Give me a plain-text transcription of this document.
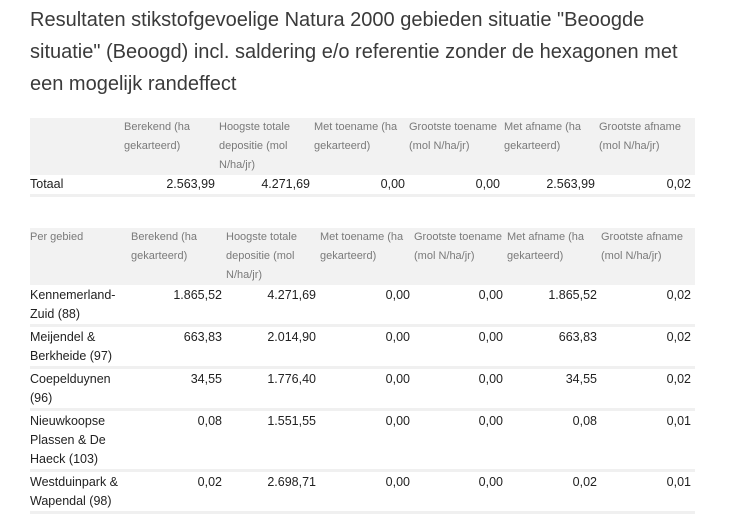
Resultaten stikstofgevoelige Natura 2000 gebieden situatie "Beoogde situatie" (Beoogd) incl. saldering e/o referentie zonder de hexagonen met een mogelijk randeffect
	Berekend (ha gekarteerd)	Hoogste totale depositie (mol N/ha/jr)	Met toename (ha gekarteerd)	Grootste toename (mol N/ha/jr)	Met afname (ha gekarteerd)	Grootste afname (mol N/ha/jr)
Totaal	2.563,99	4.271,69	0,00	0,00	2.563,99	0,02
Per gebied	Berekend (ha gekarteerd)	Hoogste totale depositie (mol N/ha/jr)	Met toename (ha gekarteerd)	Grootste toename (mol N/ha/jr)	Met afname (ha gekarteerd)	Grootste afname (mol N/ha/jr)
Kennemerland-Zuid (88)	1.865,52	4.271,69	0,00	0,00	1.865,52	0,02
Meijendel & Berkheide (97)	663,83	2.014,90	0,00	0,00	663,83	0,02
Coepelduynen (96)	34,55	1.776,40	0,00	0,00	34,55	0,02
Nieuwkoopse Plassen & De Haeck (103)	0,08	1.551,55	0,00	0,00	0,08	0,01
Westduinpark & Wapendal (98)	0,02	2.698,71	0,00	0,00	0,02	0,01
